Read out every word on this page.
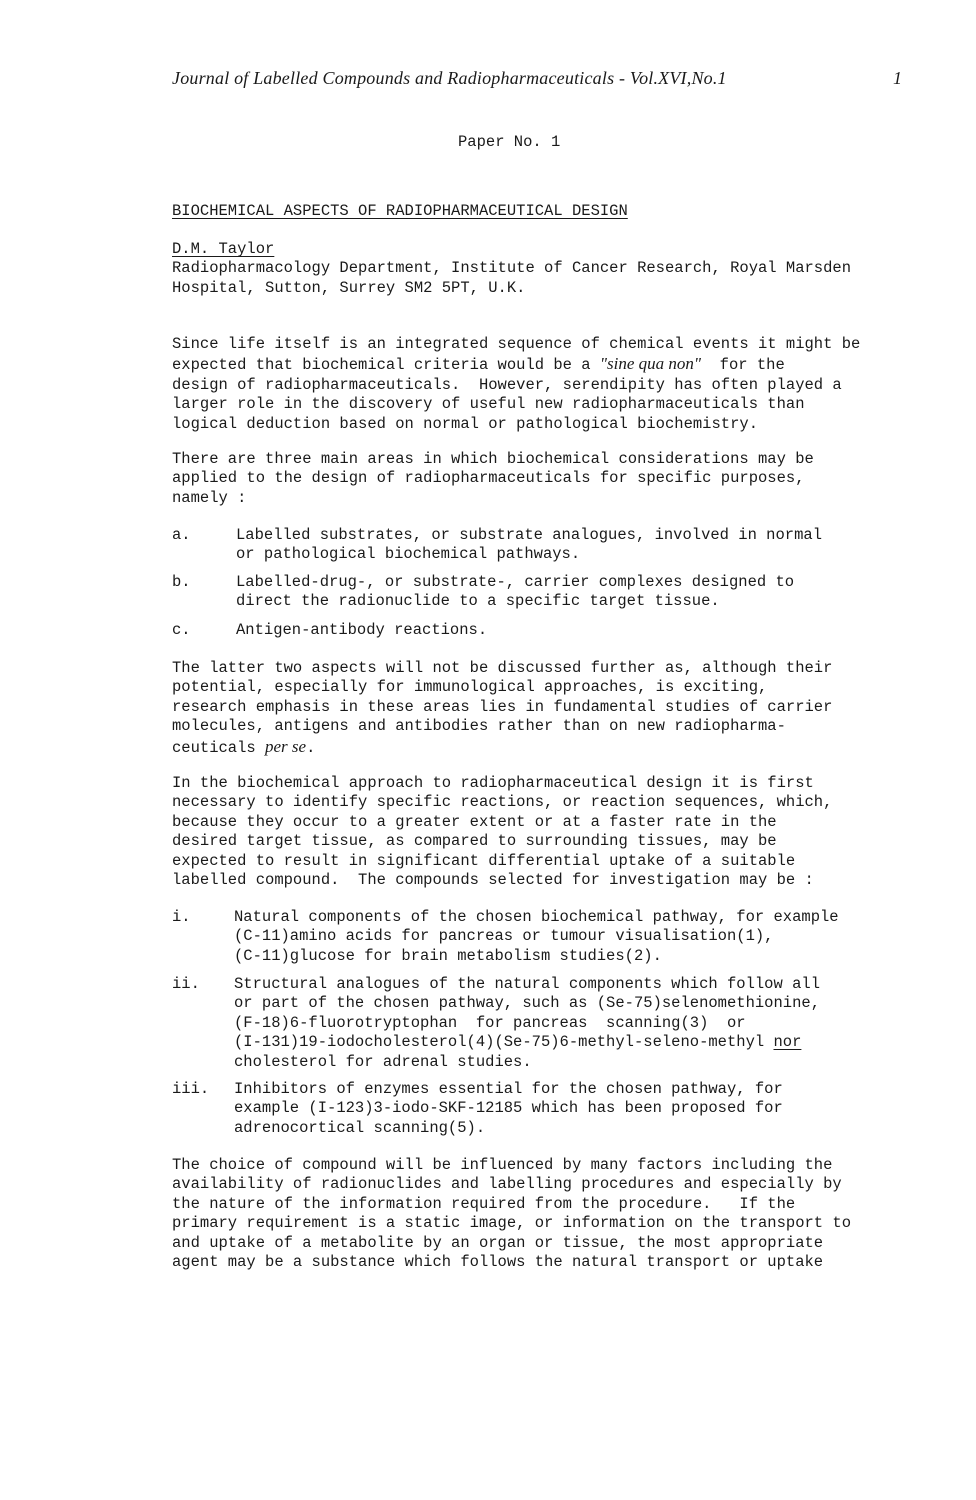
Journal of Labelled Compounds and Radiopharmaceuticals - Vol.XVI,No.1	1
Paper No. 1
BIOCHEMICAL ASPECTS OF RADIOPHARMACEUTICAL DESIGN
D.M. Taylor
Radiopharmacology Department, Institute of Cancer Research, Royal Marsden
Hospital, Sutton, Surrey SM2 5PT, U.K.
Since life itself is an integrated sequence of chemical events it might be
expected that biochemical criteria would be a "sine qua non"  for the
design of radiopharmaceuticals.  However, serendipity has often played a
larger role in the discovery of useful new radiopharmaceuticals than
logical deduction based on normal or pathological biochemistry.
There are three main areas in which biochemical considerations may be
applied to the design of radiopharmaceuticals for specific purposes,
namely :
a.	Labelled substrates, or substrate analogues, involved in normal
or pathological biochemical pathways.
b.	Labelled-drug-, or substrate-, carrier complexes designed to
direct the radionuclide to a specific target tissue.
c.	Antigen-antibody reactions.
The latter two aspects will not be discussed further as, although their
potential, especially for immunological approaches, is exciting,
research emphasis in these areas lies in fundamental studies of carrier
molecules, antigens and antibodies rather than on new radiopharma-
ceuticals per se.
In the biochemical approach to radiopharmaceutical design it is first
necessary to identify specific reactions, or reaction sequences, which,
because they occur to a greater extent or at a faster rate in the
desired target tissue, as compared to surrounding tissues, may be
expected to result in significant differential uptake of a suitable
labelled compound.  The compounds selected for investigation may be :
i.	Natural components of the chosen biochemical pathway, for example
(C-11)amino acids for pancreas or tumour visualisation(1),
(C-11)glucose for brain metabolism studies(2).
ii. Structural analogues of the natural components which follow all
or part of the chosen pathway, such as (Se-75)selenomethionine,
(F-18)6-fluorotryptophan  for pancreas  scanning(3)  or
(I-131)19-iodocholesterol(4)(Se-75)6-methyl-seleno-methyl nor
cholesterol for adrenal studies.
iii. Inhibitors of enzymes essential for the chosen pathway, for
example (I-123)3-iodo-SKF-12185 which has been proposed for
adrenocortical scanning(5).
The choice of compound will be influenced by many factors including the
availability of radionuclides and labelling procedures and especially by
the nature of the information required from the procedure.   If the
primary requirement is a static image, or information on the transport to
and uptake of a metabolite by an organ or tissue, the most appropriate
agent may be a substance which follows the natural transport or uptake
